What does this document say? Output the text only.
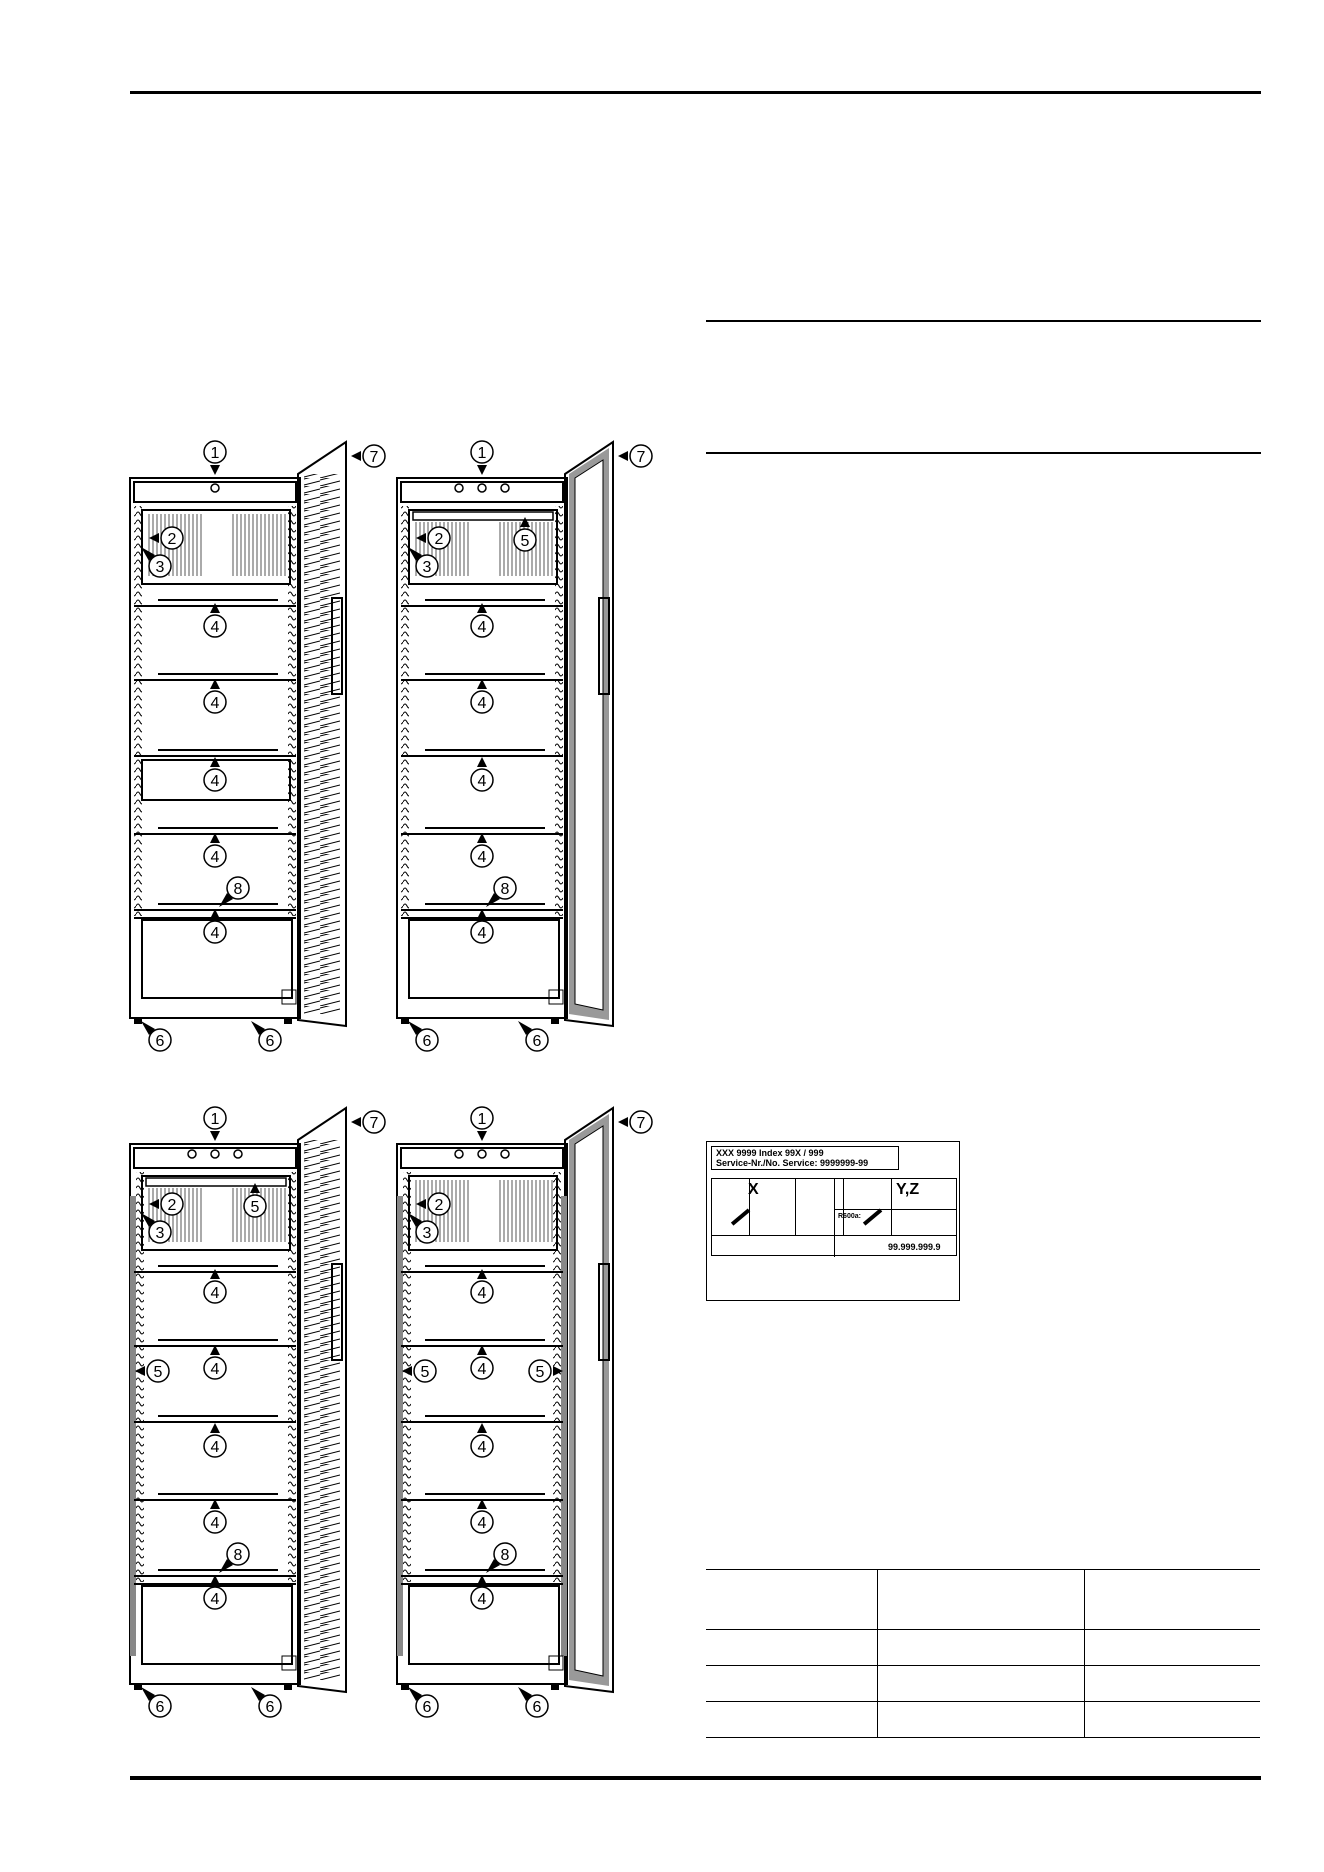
1	7
2
3
4
4
4
4
8
4
6	6
1	7
2
3
4
4
4
4
8
4
6	6
1	7
2
3
4
4
4
4
8
4
6	6
1	7
2
3
4
4
4
4
8
4
6	6
5
5
5	5	5
XXX 9999 Index 99X / 999
Service-Nr./No. Service: 9999999-99
X	Y,Z
R600a:
99.999.999.9
